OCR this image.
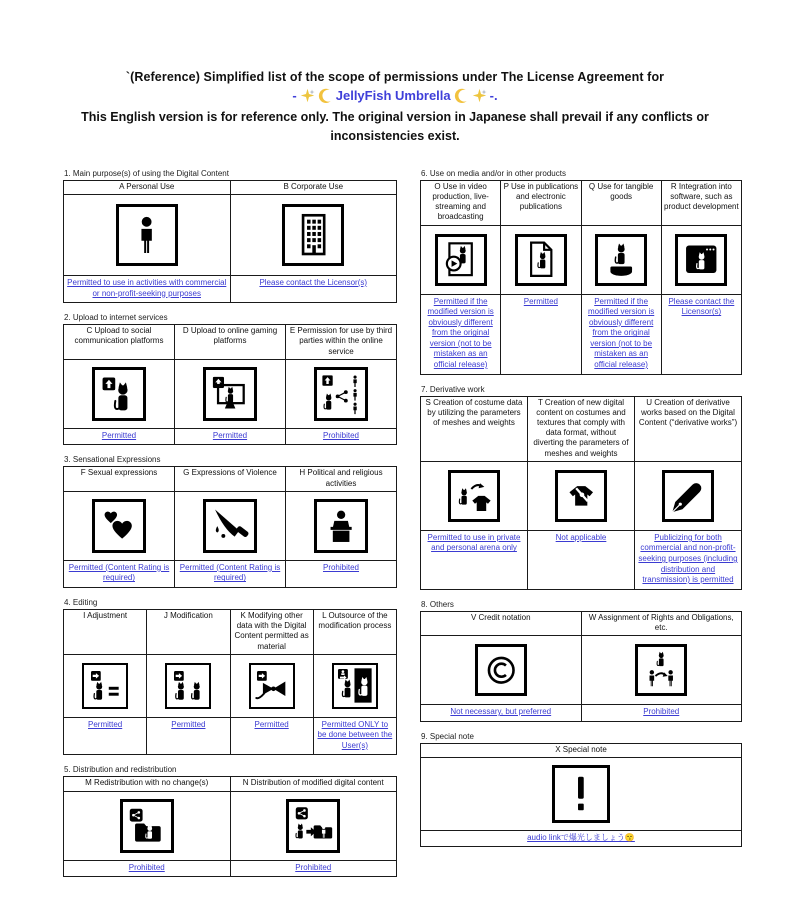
`(Reference) Simplified list of the scope of permissions under The License Agreement for
-	JellyFish Umbrella	-.
This English version is for reference only. The original version in Japanese shall prevail if any conflicts or inconsistencies exist.
1. Main purpose(s) of using the Digital Content
A Personal Use	B Corporate Use

Permitted to use in activities with commercial or non-profit-seeking purposes	Please contact the Licensor(s)
2. Upload to internet services
C Upload to social communication platforms	D Upload to online gaming platforms	E Permission for use by third parties within the online service

Permitted	Permitted	Prohibited
3. Sensational Expressions
F Sexual expressions	G Expressions of Violence	H Political and religious activities

Permitted (Content Rating is required)	Permitted (Content Rating is required)	Prohibited
4. Editing
I Adjustment	J Modification	K Modifying other data with the Digital Content permitted as material	L Outsource of the modification process

Permitted	Permitted	Permitted	Permitted ONLY to be done between the User(s)
5. Distribution and redistribution
M Redistribution with no change(s)	N Distribution of modified digital content

Prohibited	Prohibited
6. Use on media and/or in other products
O Use in video production, live-streaming and broadcasting	P Use in publications and electronic publications	Q Use for tangible goods	R Integration into software, such as product development

Permitted if the modified version is obviously different from the original version (not to be mistaken as an official release)	Permitted	Permitted if the modified version is obviously different from the original version (not to be mistaken as an official release)	Please contact the Licensor(s)
7. Derivative work
S Creation of costume data by utilizing the parameters of meshes and weights	T Creation of new digital content on costumes and textures that comply with data format, without diverting the parameters of meshes and weights	U Creation of derivative works based on the Digital Content (“derivative works”)

Permitted to use in private and personal arena only	Not applicable	Publicizing for both commercial and non-profit-seeking purposes (including distribution and transmission) is permitted
8. Others
V Credit notation	W Assignment of Rights and Obligations, etc.

Not necessary, but preferred	Prohibited
9. Special note
X Special note

audio linkで爆光しましょう😙
